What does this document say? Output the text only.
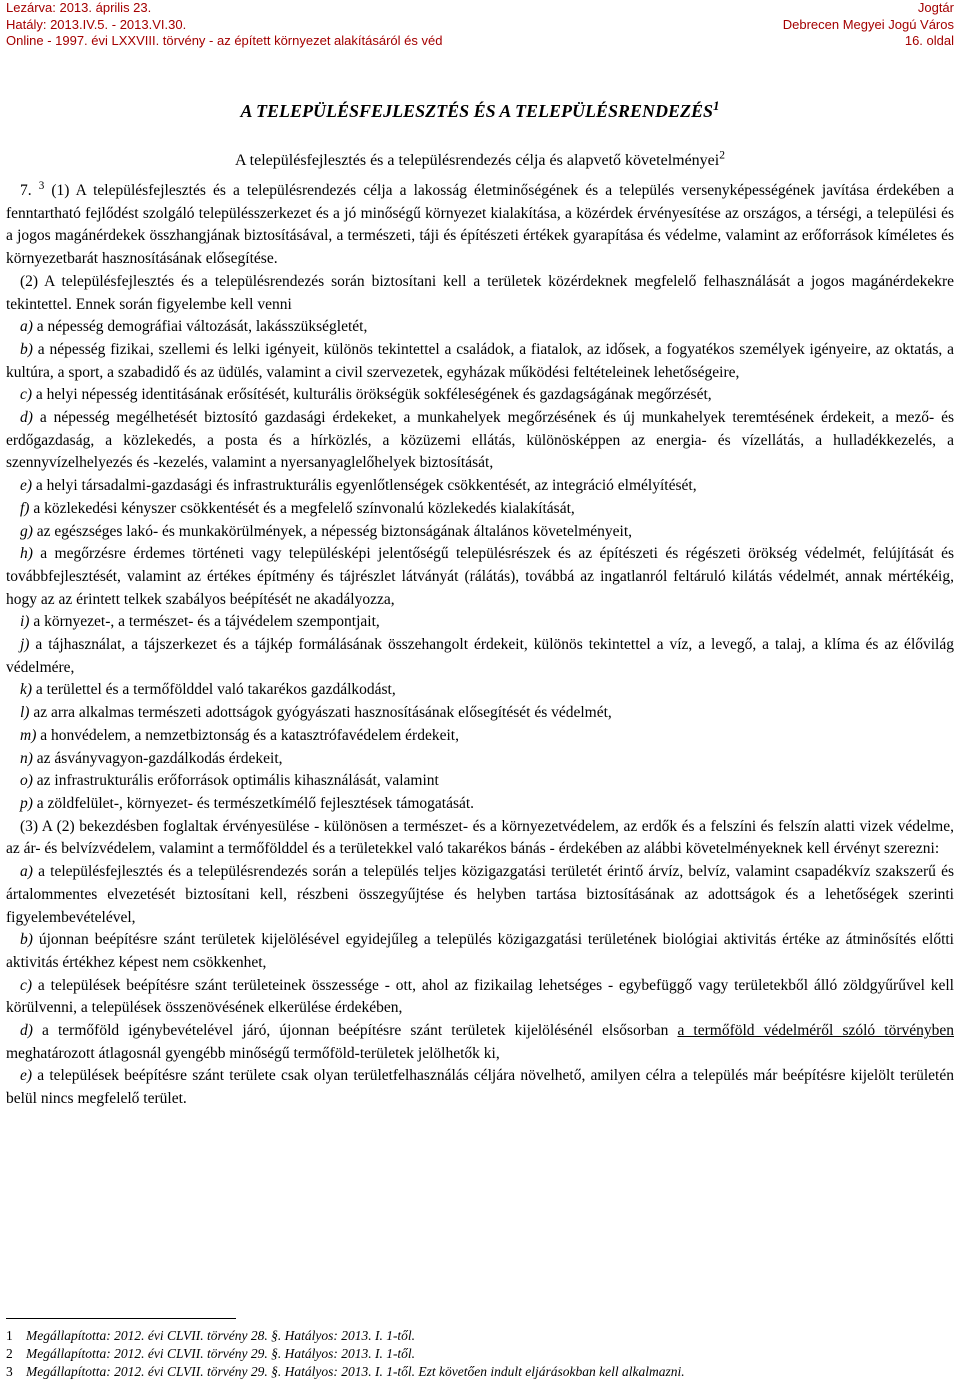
Lezárva: 2013. április 23.
Hatály: 2013.IV.5. - 2013.VI.30.
Online - 1997. évi LXXVIII. törvény - az épített környezet alakításáról és véd
Jogtár
Debrecen Megyei Jogú Város
16. oldal
A TELEPÜLÉSFEJLESZTÉS ÉS A TELEPÜLÉSRENDEZÉS$^1$
A településfejlesztés és a településrendezés célja és alapvető követelményei$^2$

7. $^3$ (1) A településfejlesztés és a településrendezés célja a lakosság életminőségének és a település versenyképességének javítása érdekében a fenntartható fejlődést szolgáló településszerkezet és a jó minőségű környezet kialakítása, a közérdek érvényesítése az országos, a térségi, a települési és a jogos magánérdekek összhangjának biztosításával, a természeti, táji és építészeti értékek gyarapítása és védelme, valamint az erőforrások kíméletes és környezetbarát hasznosításának elősegítése.

(2) A településfejlesztés és a településrendezés során biztosítani kell a területek közérdeknek megfelelő felhasználását a jogos magánérdekekre tekintettel. Ennek során figyelembe kell venni

a) a népesség demográfiai változását, lakásszükségletét,

b) a népesség fizikai, szellemi és lelki igényeit, különös tekintettel a családok, a fiatalok, az idősek, a fogyatékos személyek igényeire, az oktatás, a kultúra, a sport, a szabadidő és az üdülés, valamint a civil szervezetek, egyházak működési feltételeinek lehetőségeire,

c) a helyi népesség identitásának erősítését, kulturális örökségük sokféleségének és gazdagságának megőrzését,

d) a népesség megélhetését biztosító gazdasági érdekeket, a munkahelyek megőrzésének és új munkahelyek teremtésének érdekeit, a mező- és erdőgazdaság, a közlekedés, a posta és a hírközlés, a közüzemi ellátás, különösképpen az energia- és vízellátás, a hulladékkezelés, a szennyvízelhelyezés és -kezelés, valamint a nyersanyaglelőhelyek biztosítását,

e) a helyi társadalmi-gazdasági és infrastrukturális egyenlőtlenségek csökkentését, az integráció elmélyítését,

f) a közlekedési kényszer csökkentését és a megfelelő színvonalú közlekedés kialakítását,

g) az egészséges lakó- és munkakörülmények, a népesség biztonságának általános követelményeit,

h) a megőrzésre érdemes történeti vagy településképi jelentőségű településrészek és az építészeti és régészeti örökség védelmét, felújítását és továbbfejlesztését, valamint az értékes építmény és tájrészlet látványát (rálátás), továbbá az ingatlanról feltáruló kilátás védelmét, annak mértékéig, hogy az az érintett telkek szabályos beépítését ne akadályozza,

i) a környezet-, a természet- és a tájvédelem szempontjait,

j) a tájhasználat, a tájszerkezet és a tájkép formálásának összehangolt érdekeit, különös tekintettel a víz, a levegő, a talaj, a klíma és az élővilág védelmére,

k) a területtel és a termőfölddel való takarékos gazdálkodást,

l) az arra alkalmas természeti adottságok gyógyászati hasznosításának elősegítését és védelmét,

m) a honvédelem, a nemzetbiztonság és a katasztrófavédelem érdekeit,

n) az ásványvagyon-gazdálkodás érdekeit,

o) az infrastrukturális erőforrások optimális kihasználását, valamint

p) a zöldfelület-, környezet- és természetkímélő fejlesztések támogatását.

(3) A (2) bekezdésben foglaltak érvényesülése - különösen a természet- és a környezetvédelem, az erdők és a felszíni és felszín alatti vizek védelme, az ár- és belvízvédelem, valamint a termőfölddel és a területekkel való takarékos bánás - érdekében az alábbi követelményeknek kell érvényt szerezni:

a) a településfejlesztés és a településrendezés során a település teljes közigazgatási területét érintő árvíz, belvíz, valamint csapadékvíz szakszerű és ártalommentes elvezetését biztosítani kell, részbeni összegyűjtése és helyben tartása biztosításának az adottságok és a lehetőségek szerinti figyelembevételével,

b) újonnan beépítésre szánt területek kijelölésével egyidejűleg a település közigazgatási területének biológiai aktivitás értéke az átminősítés előtti aktivitás értékhez képest nem csökkenhet,

c) a települések beépítésre szánt területeinek összessége - ott, ahol az fizikailag lehetséges - egybefüggő vagy területekből álló zöldgyűrűvel kell körülvenni, a települések összenövésének elkerülése érdekében,

d) a termőföld igénybevételével járó, újonnan beépítésre szánt területek kijelölésénél elsősorban a termőföld védelméről szóló törvényben meghatározott átlagosnál gyengébb minőségű termőföld-területek jelölhetők ki,

e) a települések beépítésre szánt területe csak olyan területfelhasználás céljára növelhető, amilyen célra a település már beépítésre kijelölt területén belül nincs megfelelő terület.

1 Megállapította: 2012. évi CLVII. törvény 28. §. Hatályos: 2013. I. 1-től.
2 Megállapította: 2012. évi CLVII. törvény 29. §. Hatályos: 2013. I. 1-től.
3 Megállapította: 2012. évi CLVII. törvény 29. §. Hatályos: 2013. I. 1-től. Ezt követően indult eljárásokban kell alkalmazni.
